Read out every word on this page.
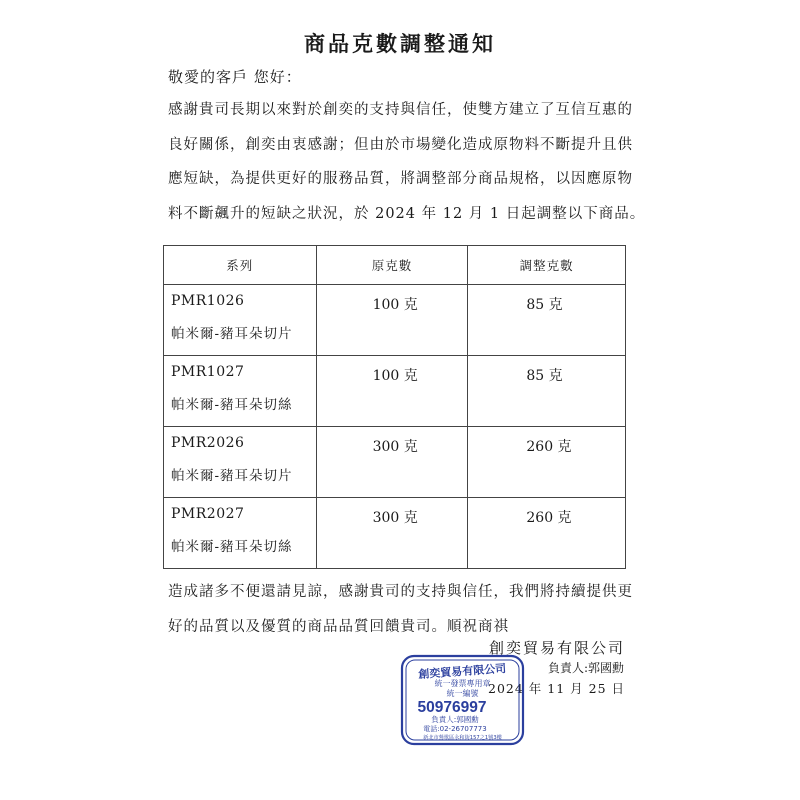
商品克數調整通知
敬愛的客戶 您好：

感謝貴司長期以來對於創奕的支持與信任，使雙方建立了互信互惠的

良好關係，創奕由衷感謝；但由於市場變化造成原物料不斷提升且供

應短缺，為提供更好的服務品質，將調整部分商品規格，以因應原物

料不斷飆升的短缺之狀況，於 2024 年 12 月 1 日起調整以下商品。

系列	原克數	調整克數

PMR1026
帕米爾-豬耳朵切片	100 克	85 克

PMR1027
帕米爾-豬耳朵切絲	100 克	85 克

PMR2026
帕米爾-豬耳朵切片	300 克	260 克

PMR2027
帕米爾-豬耳朵切絲	300 克	260 克

造成諸多不便還請見諒，感謝貴司的支持與信任，我們將持續提供更

好的品質以及優質的商品品質回饋貴司。順祝商祺

創奕貿易有限公司
負責人:郭國勳
2024 年 11 月 25 日
創奕貿易有限公司
統一發票專用章
統一編號
50976997
負責人:郭國勳
電話:02-26707773
新北市鶯歌區永和街157之1號3樓
